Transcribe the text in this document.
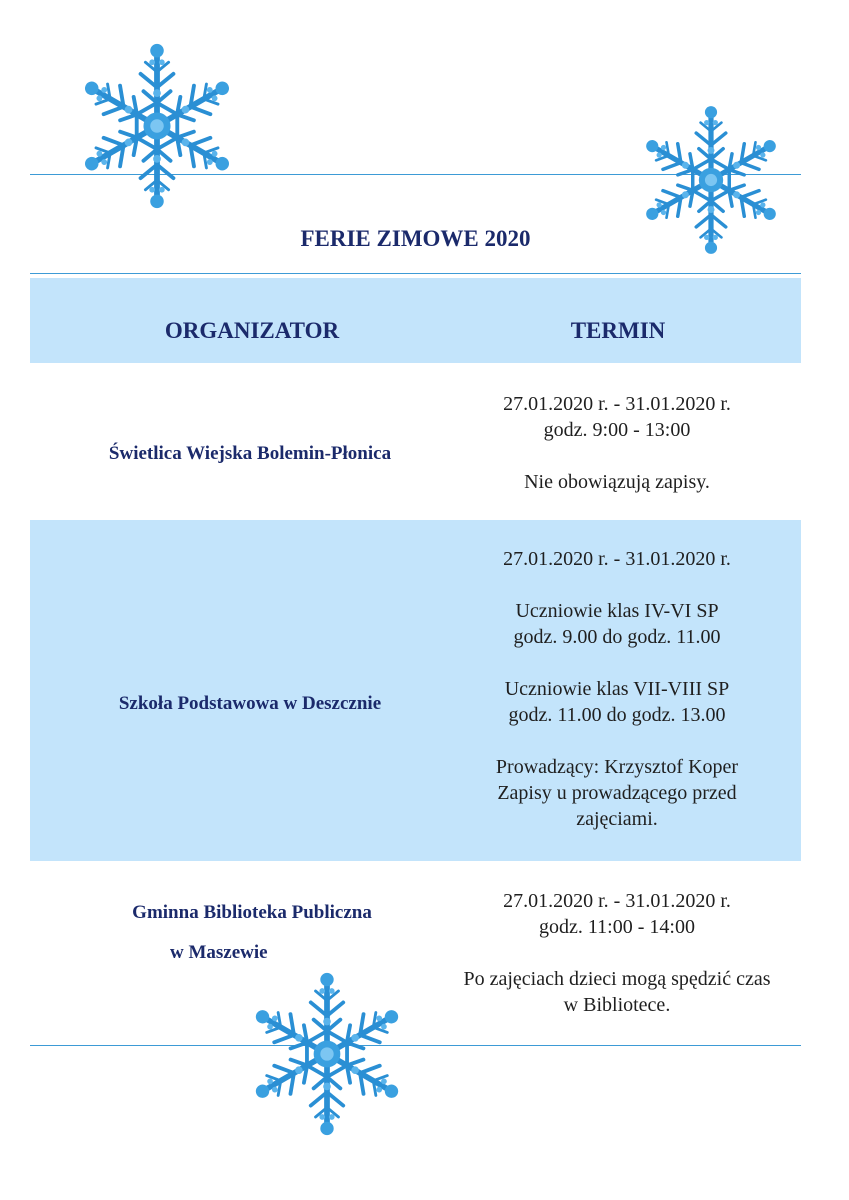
FERIE ZIMOWE 2020
ORGANIZATOR	TERMIN
Świetlica Wiejska Bolemin-Płonica

27.01.2020 r. - 31.01.2020 r.

godz. 9:00 - 13:00

Nie obowiązują zapisy.

Szkoła Podstawowa w Deszcznie

27.01.2020 r. - 31.01.2020 r.

Uczniowie klas IV-VI SP

godz. 9.00 do godz. 11.00

Uczniowie klas VII-VIII SP

godz. 11.00 do godz. 13.00

Prowadzący: Krzysztof Koper

Zapisy u prowadzącego przed

zajęciami.

Gminna Biblioteka Publiczna
w Maszewie

27.01.2020 r. - 31.01.2020 r.

godz. 11:00 - 14:00

Po zajęciach dzieci mogą spędzić czas

w Bibliotece.
